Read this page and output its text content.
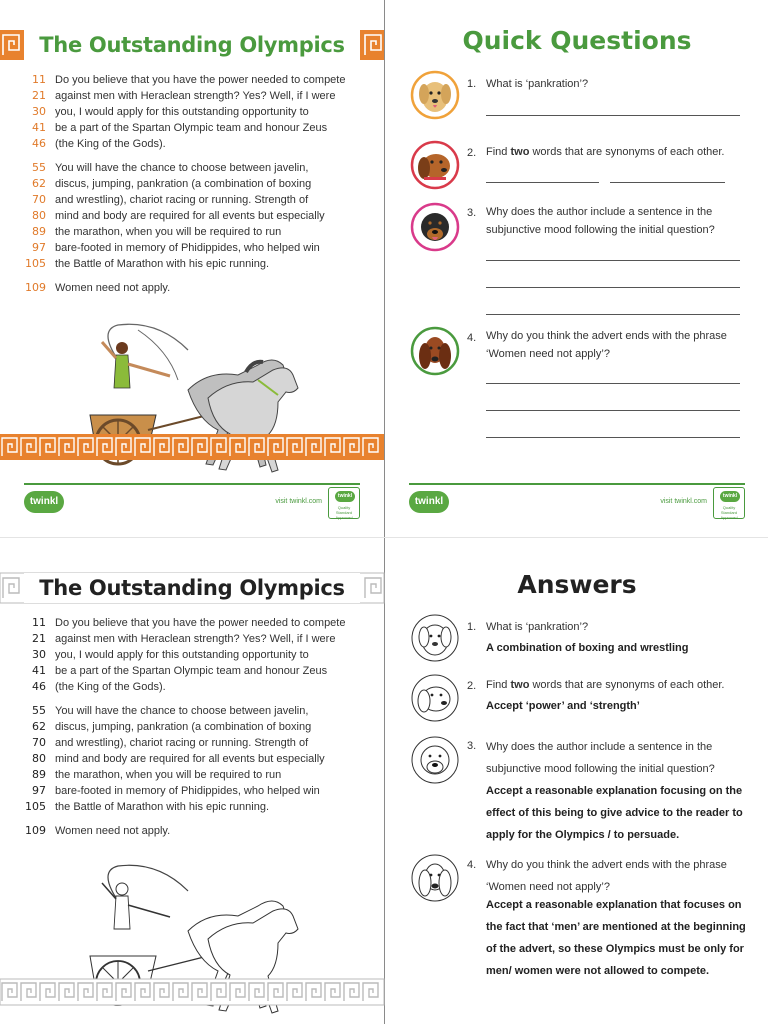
The Outstanding Olympics
11 Do you believe that you have the power needed to compete
21 against men with Heraclean strength? Yes? Well, if I were
30 you, I would apply for this outstanding opportunity to
41 be a part of the Spartan Olympic team and honour Zeus
46 (the King of the Gods).
55 You will have the chance to choose between javelin,
62 discus, jumping, pankration (a combination of boxing
70 and wrestling), chariot racing or running. Strength of
80 mind and body are required for all events but especially
89 the marathon, when you will be required to run
97 bare-footed in memory of Phidippides, who helped win
105 the Battle of Marathon with his epic running.
109 Women need not apply.
twinkl	visit twinkl.com
twinkl
Quality Standard Approved
Quick Questions
1. What is ‘pankration’?
2. Find two words that are synonyms of each other.
3. Why does the author include a sentence in the subjunctive mood following the initial question?
4. Why do you think the advert ends with the phrase ‘Women need not apply’?
twinkl	visit twinkl.com
twinkl
Quality Standard Approved
The Outstanding Olympics
11 Do you believe that you have the power needed to compete
21 against men with Heraclean strength? Yes? Well, if I were
30 you, I would apply for this outstanding opportunity to
41 be a part of the Spartan Olympic team and honour Zeus
46 (the King of the Gods).
55 You will have the chance to choose between javelin,
62 discus, jumping, pankration (a combination of boxing
70 and wrestling), chariot racing or running. Strength of
80 mind and body are required for all events but especially
89 the marathon, when you will be required to run
97 bare-footed in memory of Phidippides, who helped win
105 the Battle of Marathon with his epic running.
109 Women need not apply.
Answers
1. What is ‘pankration’?
A combination of boxing and wrestling
2. Find two words that are synonyms of each other.
Accept ‘power’ and ‘strength’
3. Why does the author include a sentence in the subjunctive mood following the initial question?
Accept a reasonable explanation focusing on the effect of this being to give advice to the reader to apply for the Olympics / to persuade.
4. Why do you think the advert ends with the phrase ‘Women need not apply’?
Accept a reasonable explanation that focuses on the fact that ‘men’ are mentioned at the beginning of the advert, so these Olympics must be only for men/ women were not allowed to compete.
